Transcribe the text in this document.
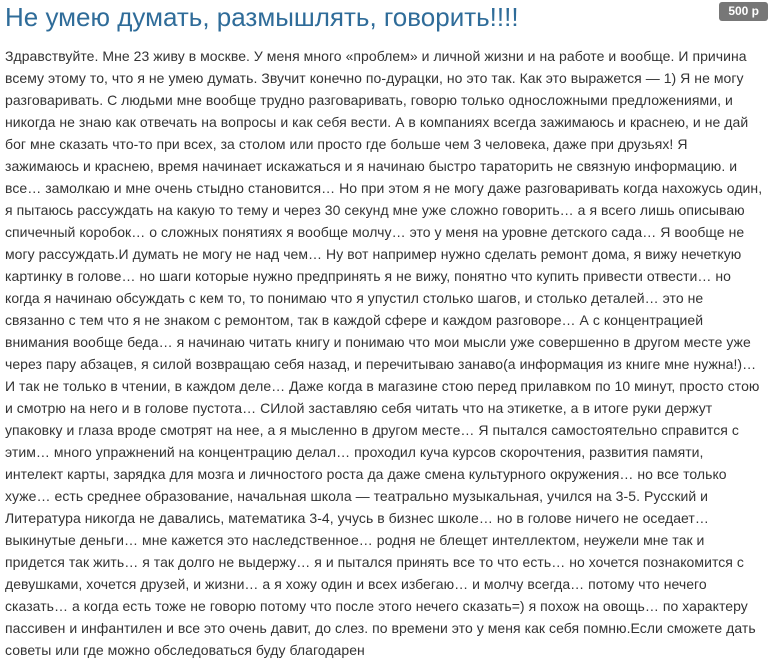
Не умею думать, размышлять, говорить!!!!	500 р

Здравствуйте. Мне 23 живу в москве. У меня много «проблем» и личной жизни и на работе и вообще. И причина всему этому то, что я не умею думать. Звучит конечно по-дурацки, но это так. Как это выражется — 1) Я не могу разговаривать. С людьми мне вообще трудно разговаривать, говорю только односложными предложениями, и никогда не знаю как отвечать на вопросы и как себя вести. А в компаниях всегда зажимаюсь и краснею, и не дай бог мне сказать что-то при всех, за столом или просто где больше чем 3 человека, даже при друзьях! Я зажимаюсь и краснею, время начинает искажаться и я начинаю быстро тараторить не связную информацию. и все… замолкаю и мне очень стыдно становится… Но при этом я не могу даже разговаривать когда нахожусь один, я пытаюсь рассуждать на какую то тему и через 30 секунд мне уже сложно говорить… а я всего лишь описываю спичечный коробок… о сложных понятиях я вообще молчу… это у меня на уровне детского сада… Я вообще не могу рассуждать.И думать не могу не над чем… Ну вот например нужно сделать ремонт дома, я вижу нечеткую картинку в голове… но шаги которые нужно предпринять я не вижу, понятно что купить привести отвести… но когда я начинаю обсуждать с кем то, то понимаю что я упустил столько шагов, и столько деталей… это не связанно с тем что я не знаком с ремонтом, так в каждой сфере и каждом разговоре… А с концентрацией внимания вообще беда… я начинаю читать книгу и понимаю что мои мысли уже совершенно в другом месте уже через пару абзацев, я силой возвращаю себя назад, и перечитываю занаво(а информация из книге мне нужна!)… И так не только в чтении, в каждом деле… Даже когда в магазине стою перед прилавком по 10 минут, просто стою и смотрю на него и в голове пустота… СИлой заставляю себя читать что на этикетке, а в итоге руки держут упаковку и глаза вроде смотрят на нее, а я мысленно в другом месте… Я пытался самостоятельно справится с этим… много упражнений на концентрацию делал… проходил куча курсов скорочтения, развития памяти, интелект карты, зарядка для мозга и личностого роста да даже смена культурного окружения… но все только хуже… есть среднее образование, начальная школа — театрально музыкальная, учился на 3-5. Русский и Литература никогда не давались, математика 3-4, учусь в бизнес школе… но в голове ничего не оседает… выкинутые деньги… мне кажется это наследственное… родня не блещет интеллектом, неужели мне так и придется так жить… я так долго не выдержу… я и пытался принять все то что есть… но хочется познакомится с девушками, хочется друзей, и жизни… а я хожу один и всех избегаю… и молчу всегда… потому что нечего сказать… а когда есть тоже не говорю потому что после этого нечего сказать=) я похож на овощь… по характеру пассивен и инфантилен и все это очень давит, до слез. по времени это у меня как себя помню.Если сможете дать советы или где можно обследоваться буду благодарен
